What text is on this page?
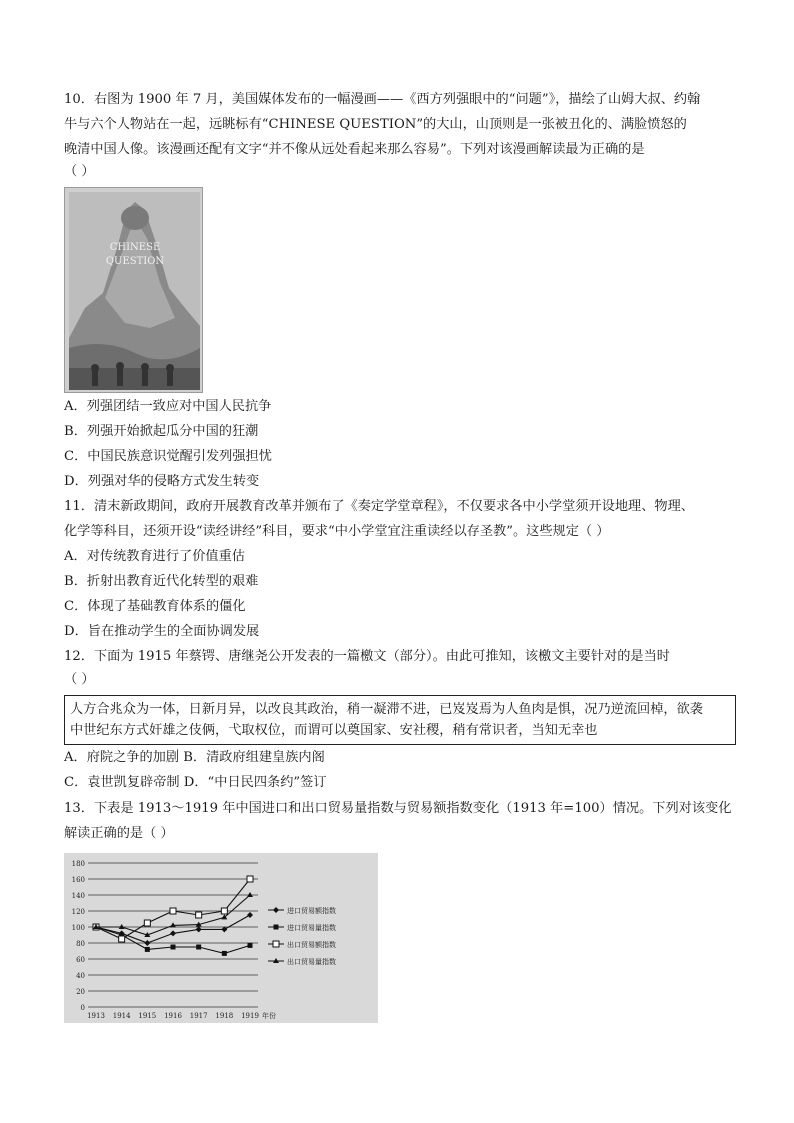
10．右图为 1900 年 7 月，美国媒体发布的一幅漫画——《西方列强眼中的“问题”》，描绘了山姆大叔、约翰
牛与六个人物站在一起，远眺标有“CHINESE QUESTION”的大山，山顶则是一张被丑化的、满脸愤怒的
晚清中国人像。该漫画还配有文字“并不像从远处看起来那么容易”。下列对该漫画解读最为正确的是
（ ）
CHINESE
QUESTION
A．列强团结一致应对中国人民抗争
B．列强开始掀起瓜分中国的狂潮
C．中国民族意识觉醒引发列强担忧
D．列强对华的侵略方式发生转变
11．清末新政期间，政府开展教育改革并颁布了《奏定学堂章程》，不仅要求各中小学堂须开设地理、物理、
化学等科目，还须开设“读经讲经”科目，要求“中小学堂宜注重读经以存圣教”。这些规定（ ）
A．对传统教育进行了价值重估
B．折射出教育近代化转型的艰难
C．体现了基础教育体系的僵化
D．旨在推动学生的全面协调发展
12．下面为 1915 年蔡锷、唐继尧公开发表的一篇檄文（部分）。由此可推知，该檄文主要针对的是当时
（ ）
人方合兆众为一体，日新月异，以改良其政治，稍一凝滞不进，已岌岌焉为人鱼肉是惧，况乃逆流回棹，欲袭
中世纪东方式奸雄之伎俩，弋取权位，而谓可以奠国家、安社稷，稍有常识者，当知无幸也
A．府院之争的加剧 B．清政府组建皇族内阁
C．袁世凯复辟帝制 D．“中日民四条约”签订
13．下表是 1913～1919 年中国进口和出口贸易量指数与贸易额指数变化（1913 年=100）情况。下列对该变化
解读正确的是（ ）
0
20
40
60
80
100
120
140
160
180
1913 1914 1915 1916 1917 1918 1919 年份
进口贸易额指数
进口贸易量指数
出口贸易额指数
出口贸易量指数
